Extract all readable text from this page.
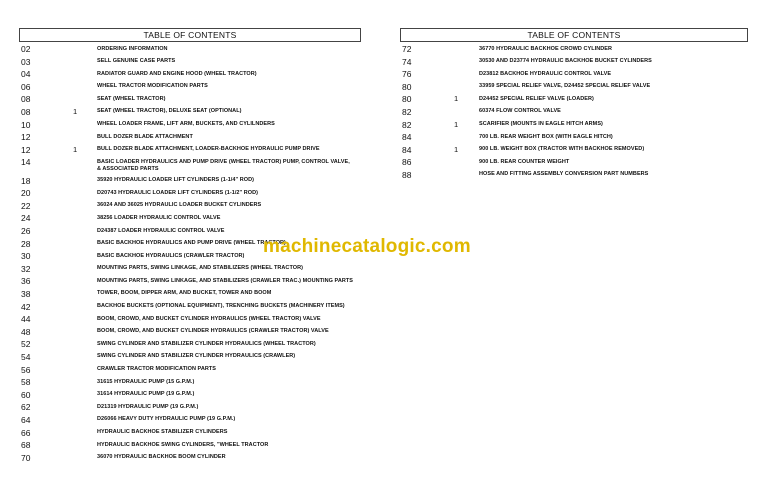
TABLE OF CONTENTS
02	ORDERING INFORMATION
03	SELL GENUINE CASE PARTS
04	RADIATOR GUARD AND ENGINE HOOD (WHEEL TRACTOR)
06	WHEEL TRACTOR MODIFICATION PARTS
08	SEAT (WHEEL TRACTOR)
08	1	SEAT (WHEEL TRACTOR), DELUXE SEAT (OPTIONAL)
10	WHEEL LOADER FRAME, LIFT ARM, BUCKETS, AND CYLILNDERS
12	BULL DOZER BLADE ATTACHMENT
12	1	BULL DOZER BLADE ATTACHMENT, LOADER-BACKHOE HYDRAULIC PUMP DRIVE
14	BASIC LOADER HYDRAULICS AND PUMP DRIVE (WHEEL TRACTOR) PUMP, CONTROL VALVE, & ASSOCIATED PARTS
18	35920 HYDRAULIC LOADER LIFT CYLINDERS (1-1/4" ROD)
20	D20743 HYDRAULIC LOADER LIFT CYLINDERS (1-1/2" ROD)
22	36024 AND 36025 HYDRAULIC LOADER BUCKET CYLINDERS
24	38256 LOADER HYDRAULIC CONTROL VALVE
26	D24387 LOADER HYDRAULIC CONTROL VALVE
28	BASIC BACKHOE HYDRAULICS AND PUMP DRIVE (WHEEL TRACTOR)
30	BASIC BACKHOE HYDRAULICS (CRAWLER TRACTOR)
32	MOUNTING PARTS, SWING LINKAGE, AND STABILIZERS (WHEEL TRACTOR)
36	MOUNTING PARTS, SWING LINKAGE, AND STABILIZERS (CRAWLER TRAC.) MOUNTING PARTS
38	TOWER, BOOM, DIPPER ARM, AND BUCKET, TOWER AND BOOM
42	BACKHOE BUCKETS (OPTIONAL EQUIPMENT), TRENCHING BUCKETS (MACHINERY ITEMS)
44	BOOM, CROWD, AND BUCKET CYLINDER HYDRAULICS (WHEEL TRACTOR) VALVE
48	BOOM, CROWD, AND BUCKET CYLINDER HYDRAULICS (CRAWLER TRACTOR) VALVE
52	SWING CYLINDER AND STABILIZER CYLINDER HYDRAULICS (WHEEL TRACTOR)
54	SWING CYLINDER AND STABILIZER CYLINDER HYDRAULICS (CRAWLER)
56	CRAWLER TRACTOR MODIFICATION PARTS
58	31615 HYDRAULIC PUMP (15 G.P.M.)
60	31614 HYDRAULIC PUMP (19 G.P.M.)
62	D21319 HYDRAULIC PUMP (19 G.P.M.)
64	D26066 HEAVY DUTY HYDRAULIC PUMP (19 G.P.M.)
66	HYDRAULIC BACKHOE STABILIZER CYLINDERS
68	HYDRAULIC BACKHOE SWING CYLINDERS, "WHEEL TRACTOR
70	36070 HYDRAULIC BACKHOE BOOM CYLINDER
TABLE OF CONTENTS
72	36770 HYDRAULIC BACKHOE CROWD CYLINDER
74	30530 AND D23774 HYDRAULIC BACKHOE BUCKET CYLINDERS
76	D23812 BACKHOE HYDRAULIC CONTROL VALVE
80	33959 SPECIAL RELIEF VALVE, D24452 SPECIAL RELIEF VALVE
80	1	D24452 SPECIAL RELIEF VALVE (LOADER)
82	60374 FLOW CONTROL VALVE
82	1	SCARIFIER (MOUNTS IN EAGLE HITCH ARMS)
84	700 LB. REAR WEIGHT BOX (WITH EAGLE HITCH)
84	1	900 LB. WEIGHT BOX (TRACTOR WITH BACKHOE REMOVED)
86	900 LB. REAR COUNTER WEIGHT
88	HOSE AND FITTING ASSEMBLY CONVERSION PART NUMBERS
machinecatalogic.com
